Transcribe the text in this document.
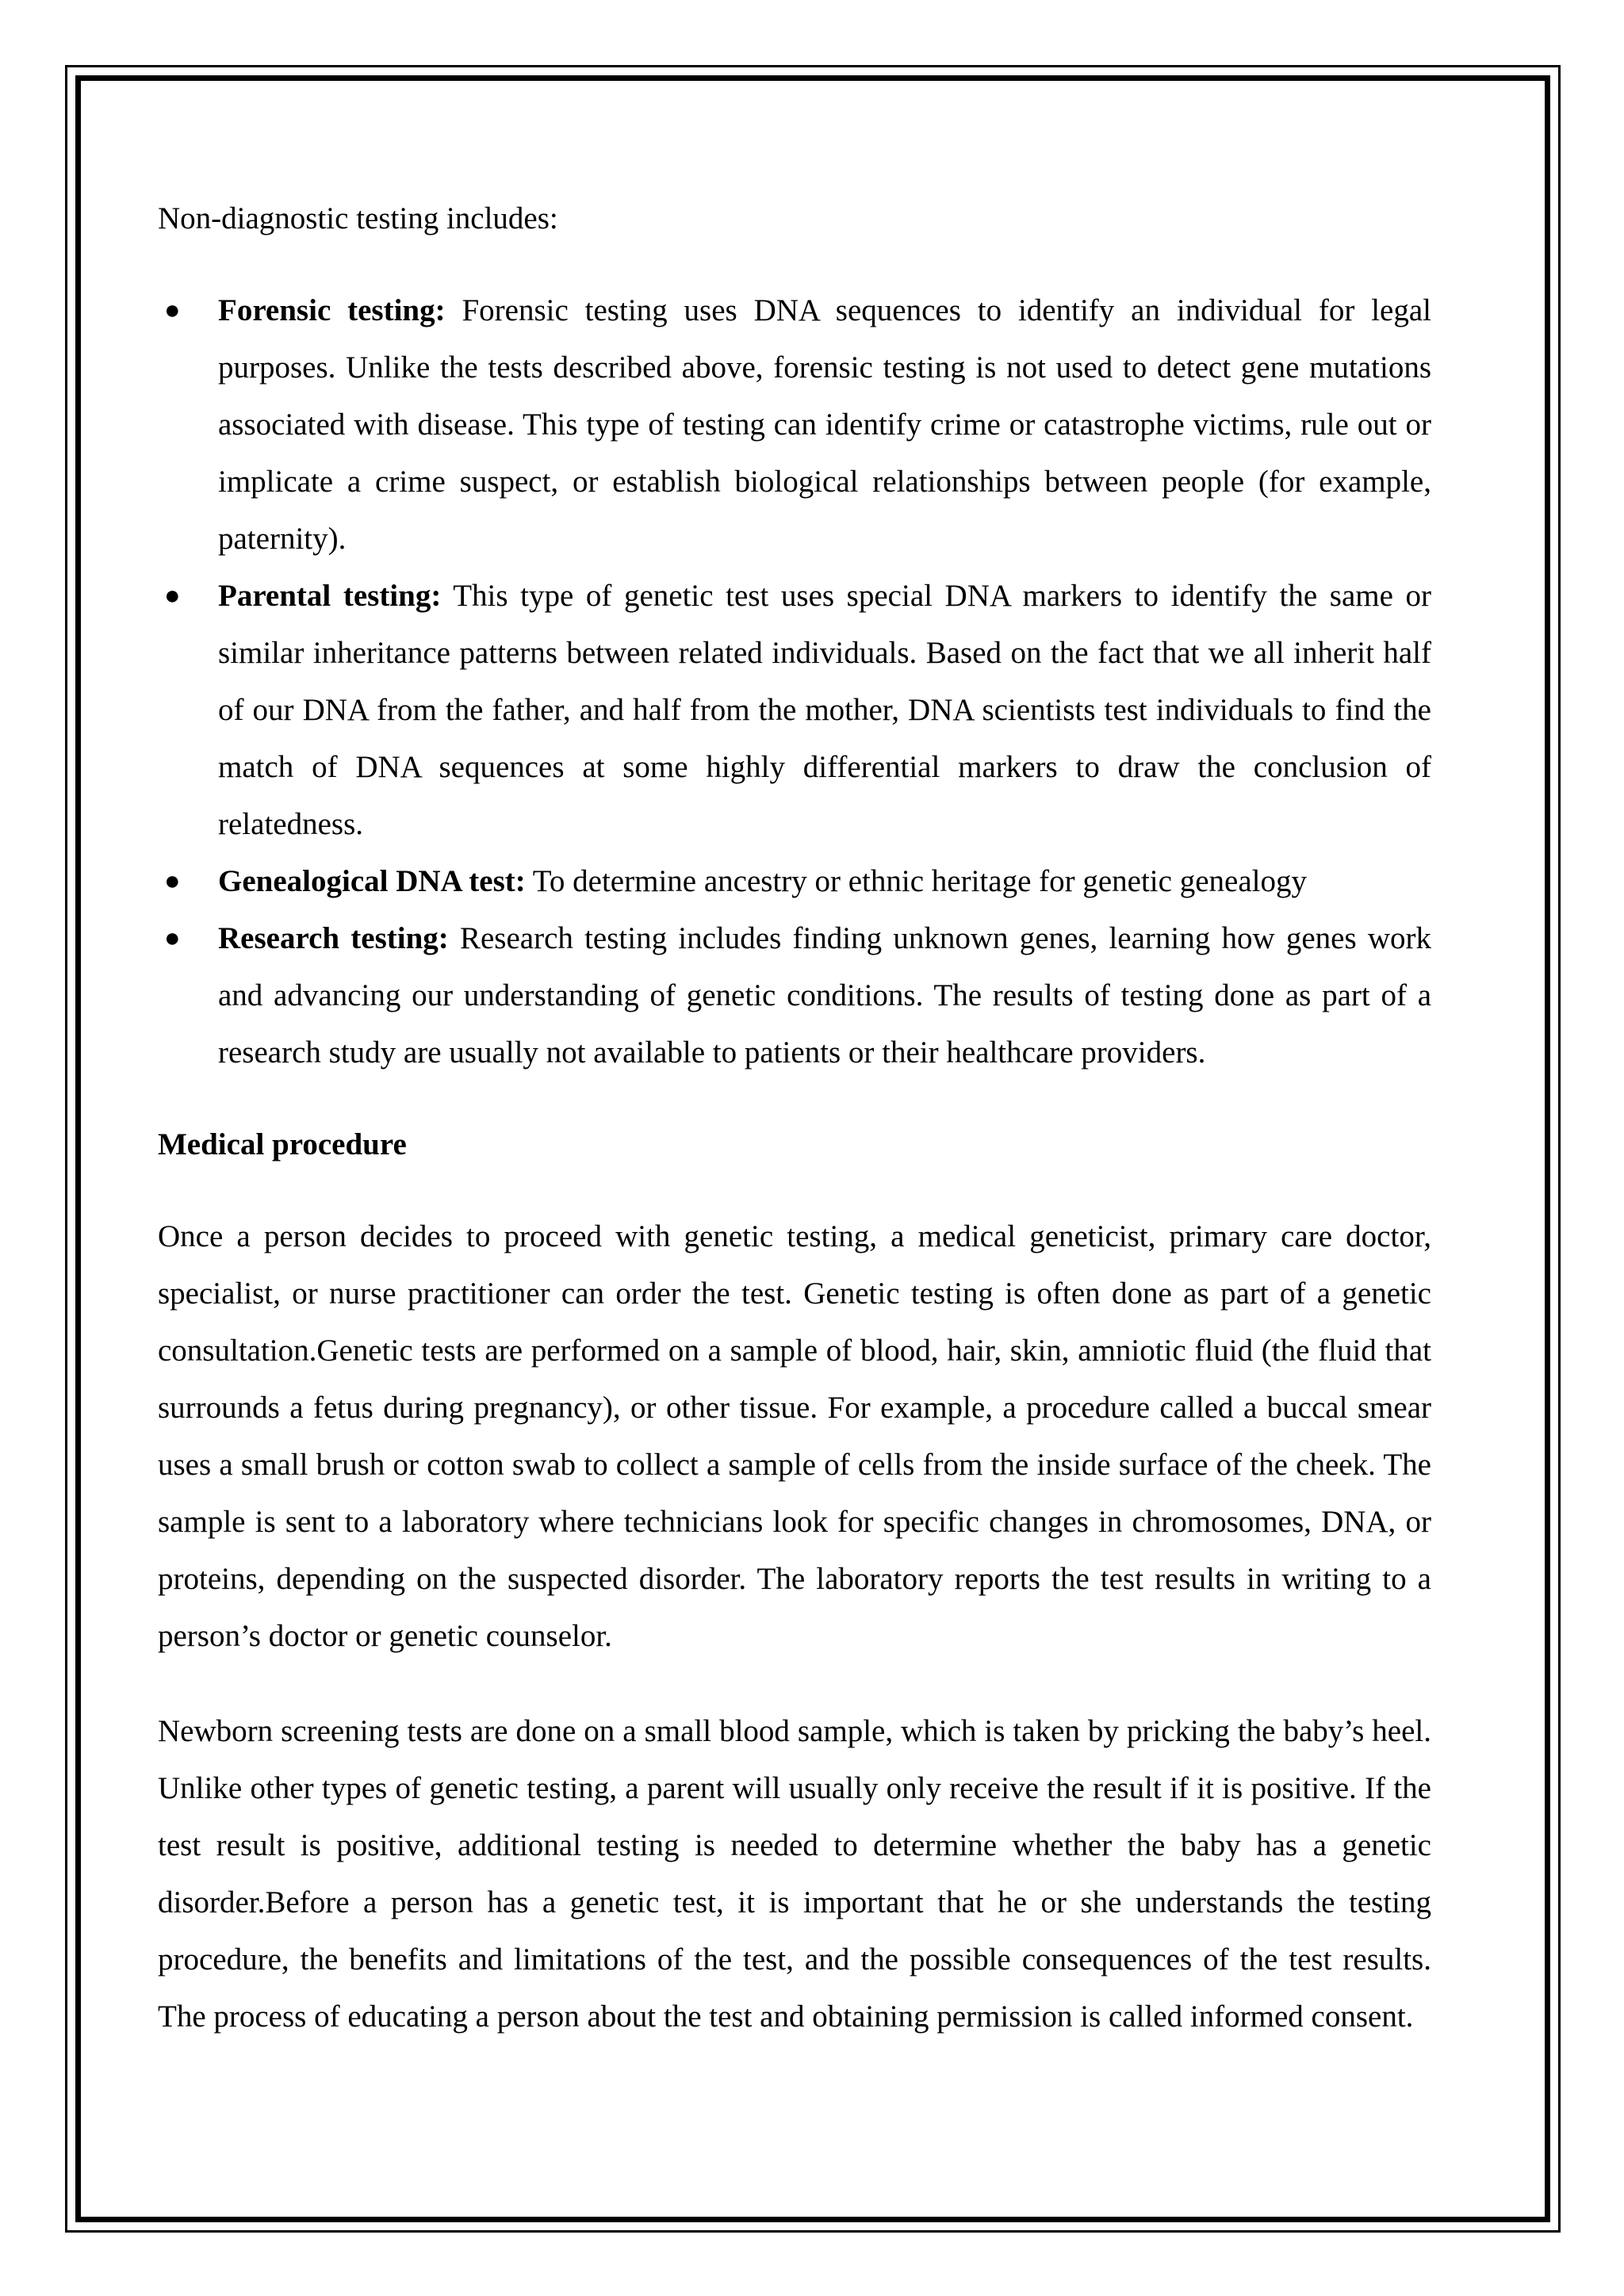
Non-diagnostic testing includes:

● Forensic testing: Forensic testing uses DNA sequences to identify an individual for legal purposes. Unlike the tests described above, forensic testing is not used to detect gene mutations associated with disease. This type of testing can identify crime or catastrophe victims, rule out or implicate a crime suspect, or establish biological relationships between people (for example, paternity).
● Parental testing: This type of genetic test uses special DNA markers to identify the same or similar inheritance patterns between related individuals. Based on the fact that we all inherit half of our DNA from the father, and half from the mother, DNA scientists test individuals to find the match of DNA sequences at some highly differential markers to draw the conclusion of relatedness.
● Genealogical DNA test: To determine ancestry or ethnic heritage for genetic genealogy
● Research testing: Research testing includes finding unknown genes, learning how genes work and advancing our understanding of genetic conditions. The results of testing done as part of a research study are usually not available to patients or their healthcare providers.

Medical procedure

Once a person decides to proceed with genetic testing, a medical geneticist, primary care doctor, specialist, or nurse practitioner can order the test. Genetic testing is often done as part of a genetic consultation.Genetic tests are performed on a sample of blood, hair, skin, amniotic fluid (the fluid that surrounds a fetus during pregnancy), or other tissue. For example, a procedure called a buccal smear uses a small brush or cotton swab to collect a sample of cells from the inside surface of the cheek. The sample is sent to a laboratory where technicians look for specific changes in chromosomes, DNA, or proteins, depending on the suspected disorder. The laboratory reports the test results in writing to a person’s doctor or genetic counselor.

Newborn screening tests are done on a small blood sample, which is taken by pricking the baby’s heel. Unlike other types of genetic testing, a parent will usually only receive the result if it is positive. If the test result is positive, additional testing is needed to determine whether the baby has a genetic disorder.Before a person has a genetic test, it is important that he or she understands the testing procedure, the benefits and limitations of the test, and the possible consequences of the test results. The process of educating a person about the test and obtaining permission is called informed consent.
